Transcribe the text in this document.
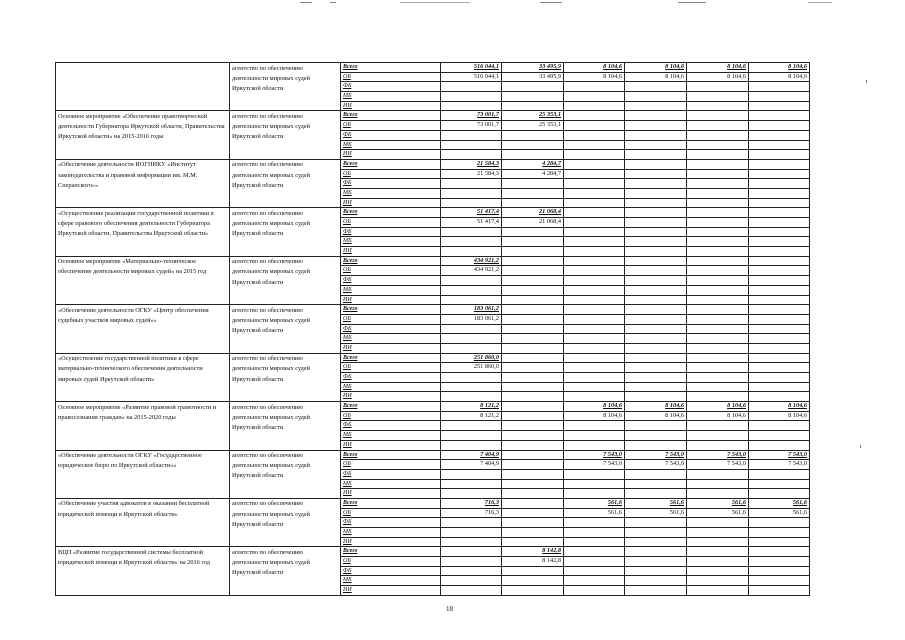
	агентство по обеспечению деятельности мировых судей Иркутской области	Всего	516 044,1	33 495,9	8 104,6	8 104,6	8 104,6	8 104,6
		ОБ	516 044,1	33 495,9	8 104,6	8 104,6	8 104,6	8 104,6
		ФБ						
		МБ						
		ИИ						
Основное мероприятие «Обеспечение правотворческой деятельности Губернатора Иркутской области, Правительства Иркутской области» на 2015-2016 годы	агентство по обеспечению деятельности мировых судей Иркутской области	Всего	73 001,7	25 353,1				
		ОБ	73 001,7	25 353,1				
		ФБ						
		МБ						
		ИИ						
«Обеспечение деятельности ИОГНИКУ «Институт законодательства и правовой информации им. М.М. Сперанского»»	агентство по обеспечению деятельности мировых судей Иркутской области	Всего	21 584,3	4 284,7				
		ОБ	21 584,3	4 284,7				
		ФБ						
		МБ						
		ИИ						
«Осуществление реализации государственной политики в сфере правового обеспечения деятельности Губернатора Иркутской области, Правительства Иркутской области»	агентство по обеспечению деятельности мировых судей Иркутской области	Всего	51 417,4	21 068,4				
		ОБ	51 417,4	21 068,4				
		ФБ						
		МБ						
		ИИ						
Основное мероприятие «Материально-техническое обеспечение деятельности мировых судей» на 2015 год	агентство по обеспечению деятельности мировых судей Иркутской области	Всего	434 921,2					
		ОБ	434 921,2					
		ФБ						
		МБ						
		ИИ						
«Обеспечение деятельности ОГКУ «Центр обеспечения судебных участков мировых судей»»	агентство по обеспечению деятельности мировых судей Иркутской области	Всего	183 061,2					
		ОБ	183 061,2					
		ФБ						
		МБ						
		ИИ						
«Осуществление государственной политики в сфере материально-технического обеспечения деятельности мировых судей Иркутской области»	агентство по обеспечению деятельности мировых судей Иркутской области	Всего	251 860,0					
		ОБ	251 860,0					
		ФБ						
		МБ						
		ИИ						
Основное мероприятие «Развитие правовой грамотности и правосознания граждан» на 2015-2020 годы	агентство по обеспечению деятельности мировых судей Иркутской области	Всего	8 121,2		8 104,6	8 104,6	8 104,6	8 104,6
		ОБ	8 121,2		8 104,6	8 104,6	8 104,6	8 104,6
		ФБ						
		МБ						
		ИИ						
«Обеспечение деятельности ОГКУ «Государственное юридическое бюро по Иркутской области»»	агентство по обеспечению деятельности мировых судей Иркутской области	Всего	7 404,9		7 543,0	7 543,0	7 543,0	7 543,0
		ОБ	7 404,9		7 543,0	7 543,0	7 543,0	7 543,0
		ФБ						
		МБ						
		ИИ						
«Обеспечение участия адвокатов в оказании бесплатной юридической помощи в Иркутской области»	агентство по обеспечению деятельности мировых судей Иркутской области	Всего	716,3		561,6	561,6	561,6	561,6
		ОБ	716,3		561,6	561,6	561,6	561,6
		ФБ						
		МБ						
		ИИ						
ВЦП «Развитие государственной системы бесплатной юридической помощи в Иркутской области» на 2016 год	агентство по обеспечению деятельности мировых судей Иркутской области	Всего		8 142,8				
		ОБ		8 142,8				
		ФБ						
		МБ						
		ИИ						
18
